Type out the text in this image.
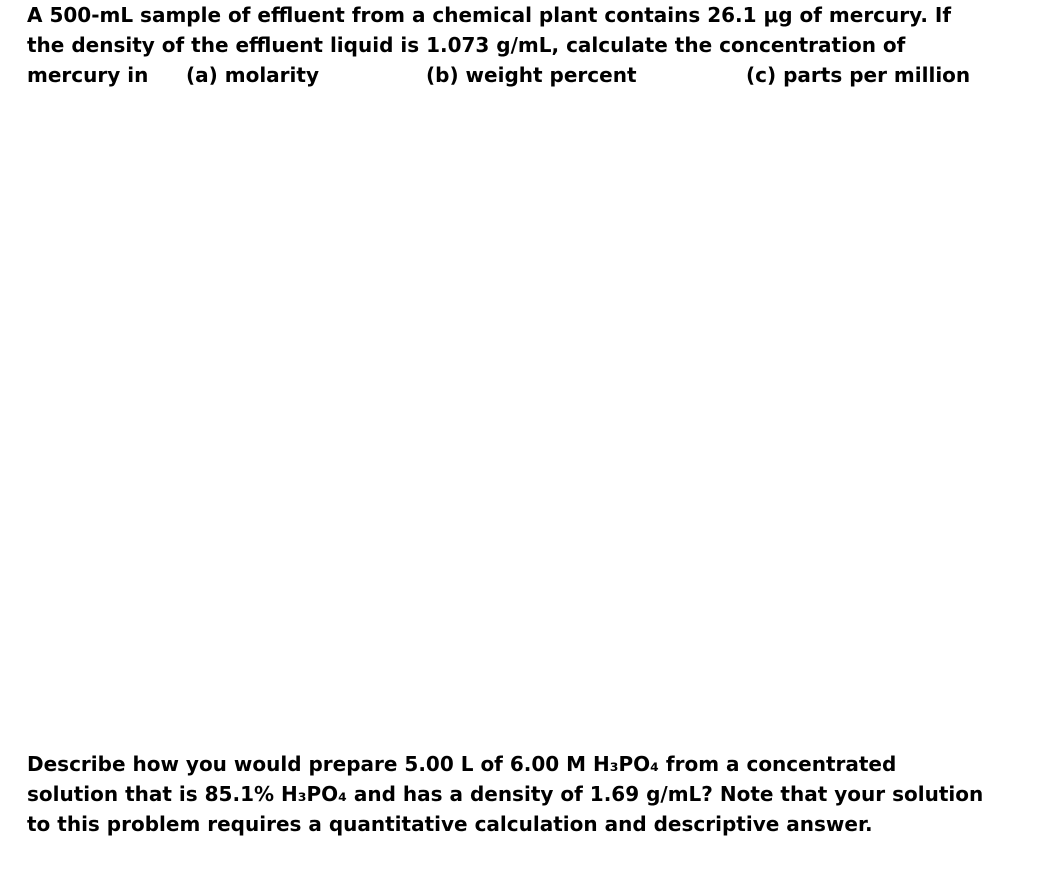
A 500-mL sample of effluent from a chemical plant contains 26.1 μg of mercury. If
the density of the effluent liquid is 1.073 g/mL, calculate the concentration of
mercury in (a) molarity	(b) weight percent	(c) parts per million
Describe how you would prepare 5.00 L of 6.00 M H₃PO₄ from a concentrated
solution that is 85.1% H₃PO₄ and has a density of 1.69 g/mL? Note that your solution
to this problem requires a quantitative calculation and descriptive answer.
